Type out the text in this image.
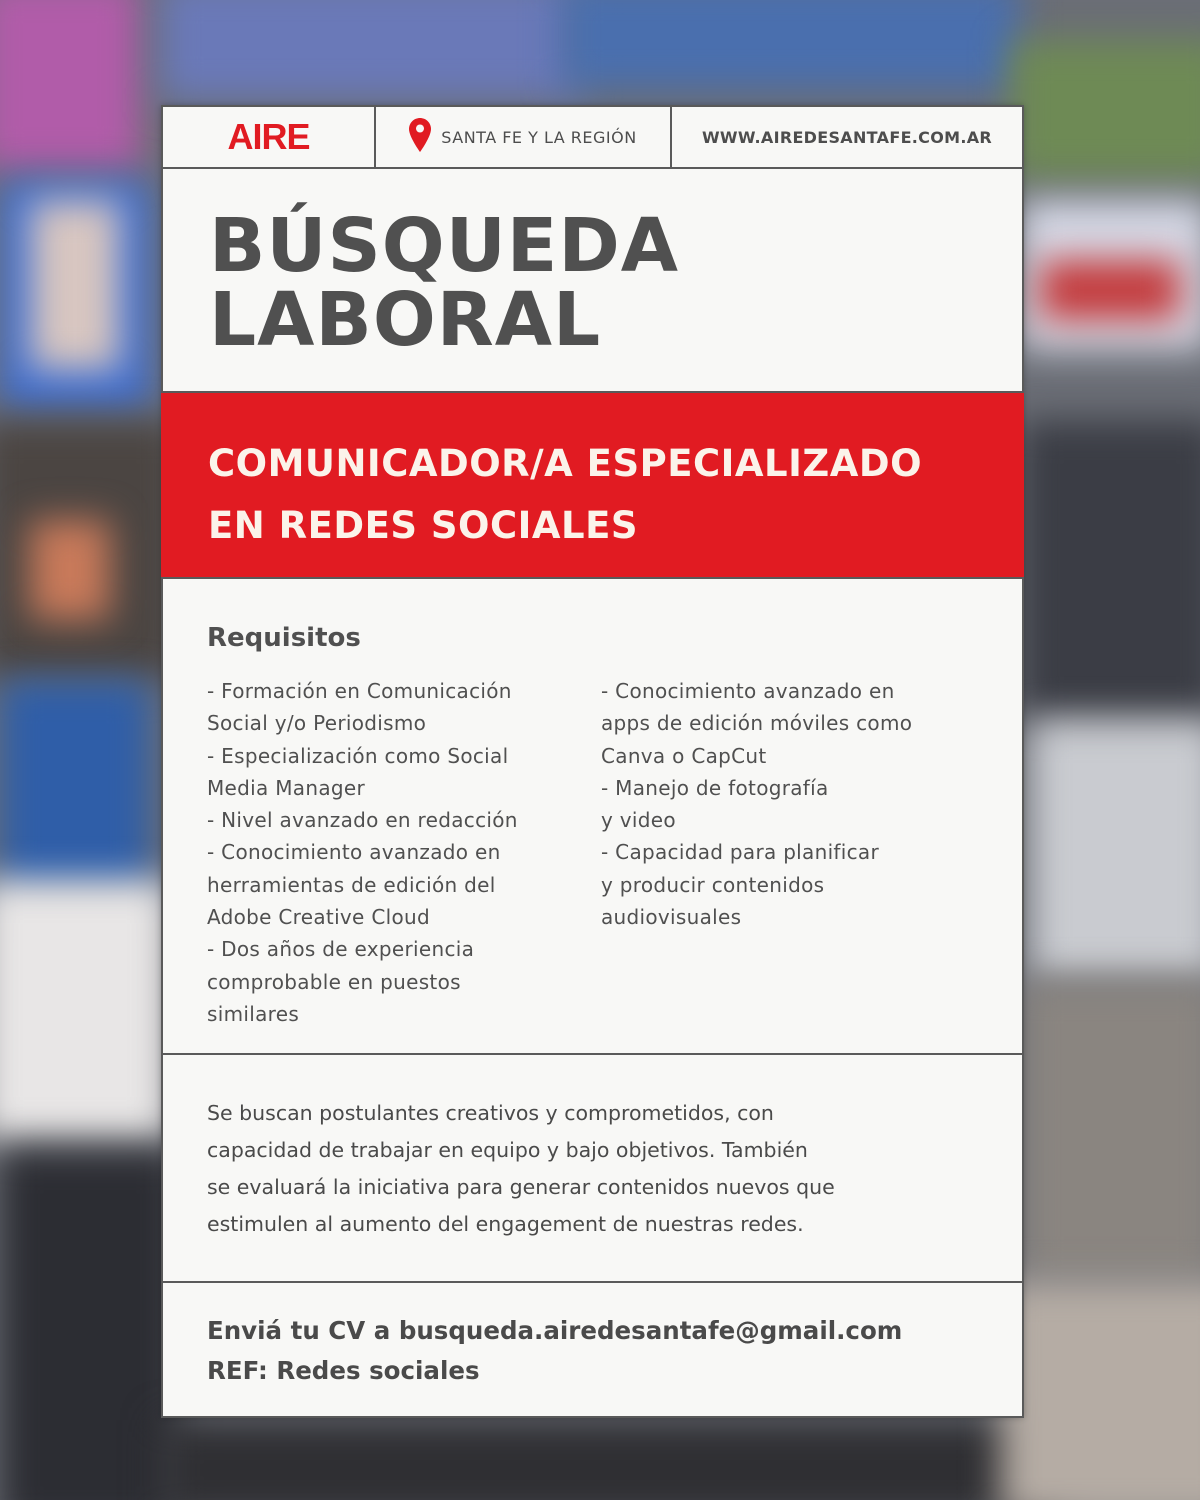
AIRE	SANTA FE Y LA REGIÓN	WWW.AIREDESANTAFE.COM.AR
BÚSQUEDA
LABORAL
COMUNICADOR/A ESPECIALIZADO
EN REDES SOCIALES
Requisitos
- Formación en Comunicación
Social y/o Periodismo
- Especialización como Social
Media Manager
- Nivel avanzado en redacción
- Conocimiento avanzado en
herramientas de edición del
Adobe Creative Cloud
- Dos años de experiencia
comprobable en puestos
similares
- Conocimiento avanzado en
apps de edición móviles como
Canva o CapCut
- Manejo de fotografía
y video
- Capacidad para planificar
y producir contenidos
audiovisuales

Se buscan postulantes creativos y comprometidos, con
capacidad de trabajar en equipo y bajo objetivos. También
se evaluará la iniciativa para generar contenidos nuevos que
estimulen al aumento del engagement de nuestras redes.

Enviá tu CV a busqueda.airedesantafe@gmail.com
REF: Redes sociales
